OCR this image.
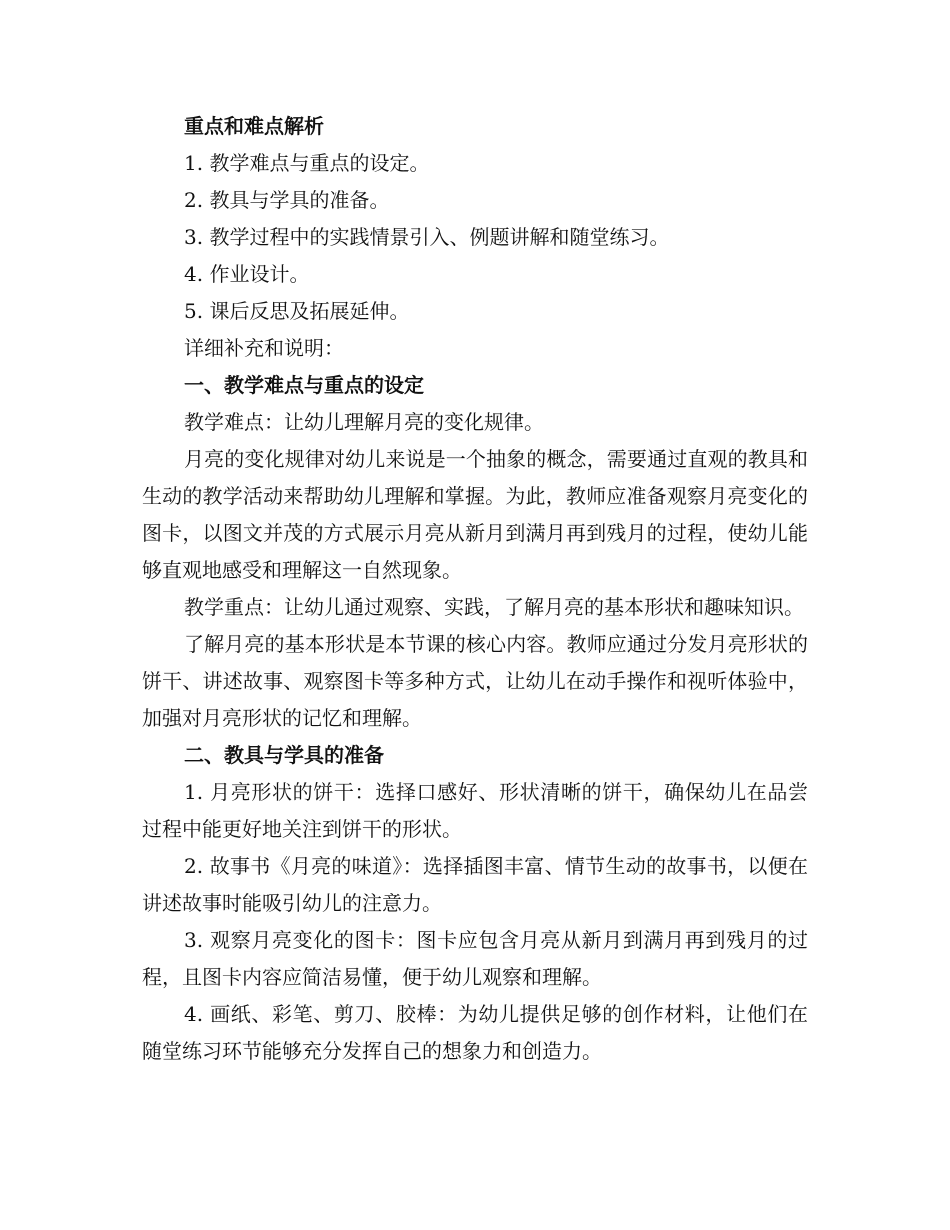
重点和难点解析

1. 教学难点与重点的设定。

2. 教具与学具的准备。

3. 教学过程中的实践情景引入、例题讲解和随堂练习。

4. 作业设计。

5. 课后反思及拓展延伸。

详细补充和说明：

一、教学难点与重点的设定

教学难点：让幼儿理解月亮的变化规律。

月亮的变化规律对幼儿来说是一个抽象的概念，需要通过直观的教具和生动的教学活动来帮助幼儿理解和掌握。为此，教师应准备观察月亮变化的图卡，以图文并茂的方式展示月亮从新月到满月再到残月的过程，使幼儿能够直观地感受和理解这一自然现象。

教学重点：让幼儿通过观察、实践，了解月亮的基本形状和趣味知识。

了解月亮的基本形状是本节课的核心内容。教师应通过分发月亮形状的饼干、讲述故事、观察图卡等多种方式，让幼儿在动手操作和视听体验中，加强对月亮形状的记忆和理解。

二、教具与学具的准备

1. 月亮形状的饼干：选择口感好、形状清晰的饼干，确保幼儿在品尝过程中能更好地关注到饼干的形状。

2. 故事书《月亮的味道》：选择插图丰富、情节生动的故事书，以便在讲述故事时能吸引幼儿的注意力。

3. 观察月亮变化的图卡：图卡应包含月亮从新月到满月再到残月的过程，且图卡内容应简洁易懂，便于幼儿观察和理解。

4. 画纸、彩笔、剪刀、胶棒：为幼儿提供足够的创作材料，让他们在随堂练习环节能够充分发挥自己的想象力和创造力。
